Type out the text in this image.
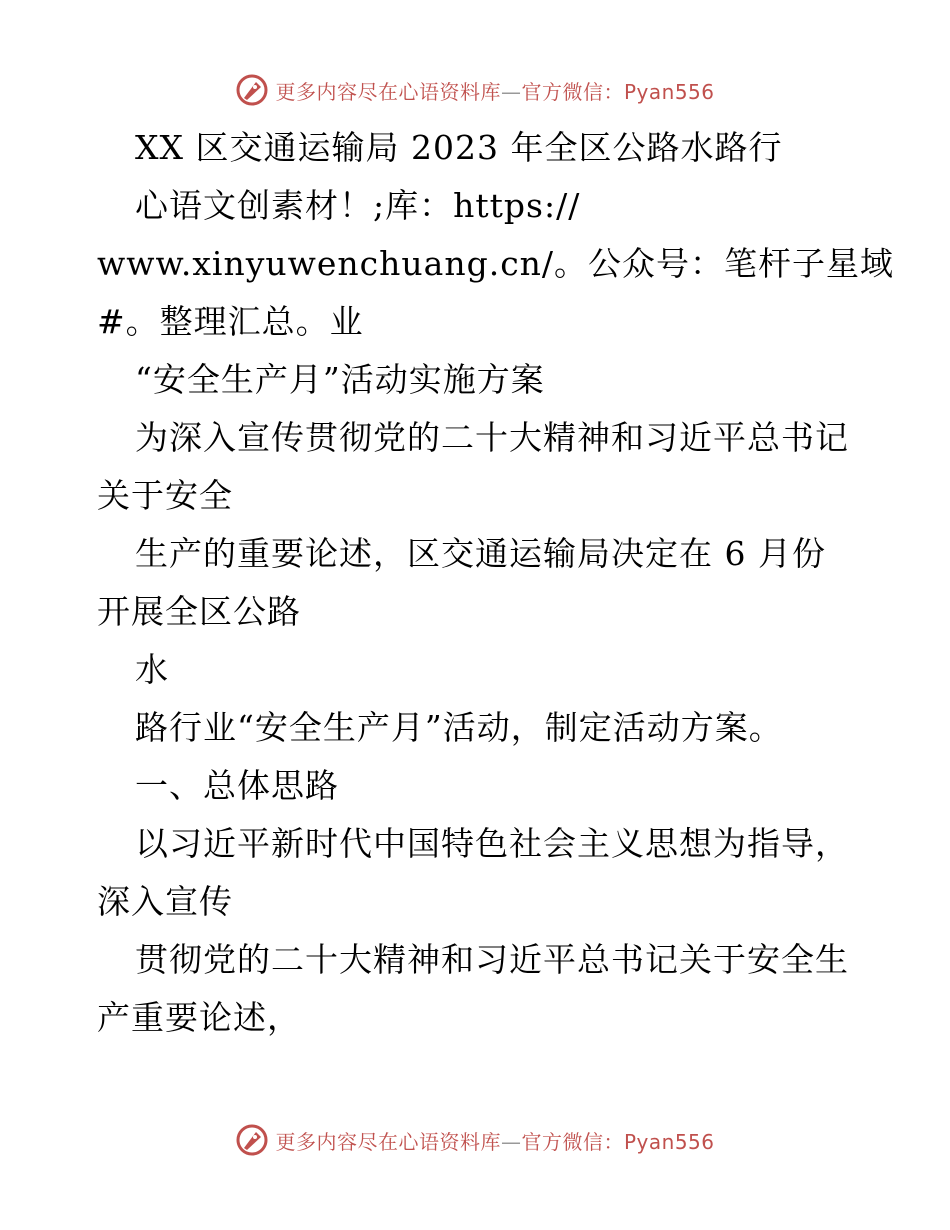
更多内容尽在心语资料库—官方微信：Pyan556
XX 区交通运输局 2023 年全区公路水路行
心语文创素材！;库：https://
www.xinyuwenchuang.cn/。公众号：笔杆子星域
#。整理汇总。业
“安全生产月”活动实施方案
为深入宣传贯彻党的二十大精神和习近平总书记
关于安全
生产的重要论述，区交通运输局决定在 6 月份
开展全区公路
水
路行业“安全生产月”活动，制定活动方案。
一、总体思路
以习近平新时代中国特色社会主义思想为指导，
深入宣传
贯彻党的二十大精神和习近平总书记关于安全生
产重要论述，
更多内容尽在心语资料库—官方微信：Pyan556
